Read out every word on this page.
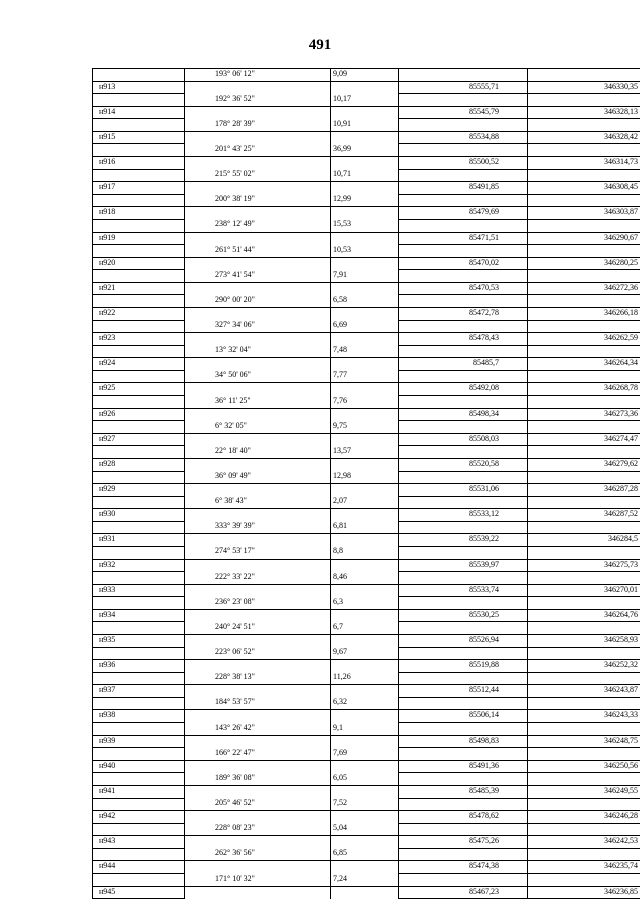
491
	193° 06' 12"	9,09		
н913			85555,71	346330,35
	192° 36' 52"	10,17		
н914			85545,79	346328,13
	178° 28' 39"	10,91		
н915			85534,88	346328,42
	201° 43' 25"	36,99		
н916			85500,52	346314,73
	215° 55' 02"	10,71		
н917			85491,85	346308,45
	200° 38' 19"	12,99		
н918			85479,69	346303,87
	238° 12' 49"	15,53		
н919			85471,51	346290,67
	261° 51' 44"	10,53		
н920			85470,02	346280,25
	273° 41' 54"	7,91		
н921			85470,53	346272,36
	290° 00' 20"	6,58		
н922			85472,78	346266,18
	327° 34' 06"	6,69		
н923			85478,43	346262,59
	13° 32' 04"	7,48		
н924			85485,7	346264,34
	34° 50' 06"	7,77		
н925			85492,08	346268,78
	36° 11' 25"	7,76		
н926			85498,34	346273,36
	6° 32' 05"	9,75		
н927			85508,03	346274,47
	22° 18' 40"	13,57		
н928			85520,58	346279,62
	36° 09' 49"	12,98		
н929			85531,06	346287,28
	6° 38' 43"	2,07		
н930			85533,12	346287,52
	333° 39' 39"	6,81		
н931			85539,22	346284,5
	274° 53' 17"	8,8		
н932			85539,97	346275,73
	222° 33' 22"	8,46		
н933			85533,74	346270,01
	236° 23' 08"	6,3		
н934			85530,25	346264,76
	240° 24' 51"	6,7		
н935			85526,94	346258,93
	223° 06' 52"	9,67		
н936			85519,88	346252,32
	228° 38' 13"	11,26		
н937			85512,44	346243,87
	184° 53' 57"	6,32		
н938			85506,14	346243,33
	143° 26' 42"	9,1		
н939			85498,83	346248,75
	166° 22' 47"	7,69		
н940			85491,36	346250,56
	189° 36' 08"	6,05		
н941			85485,39	346249,55
	205° 46' 52"	7,52		
н942			85478,62	346246,28
	228° 08' 23"	5,04		
н943			85475,26	346242,53
	262° 36' 56"	6,85		
н944			85474,38	346235,74
	171° 10' 32"	7,24		
н945			85467,23	346236,85
